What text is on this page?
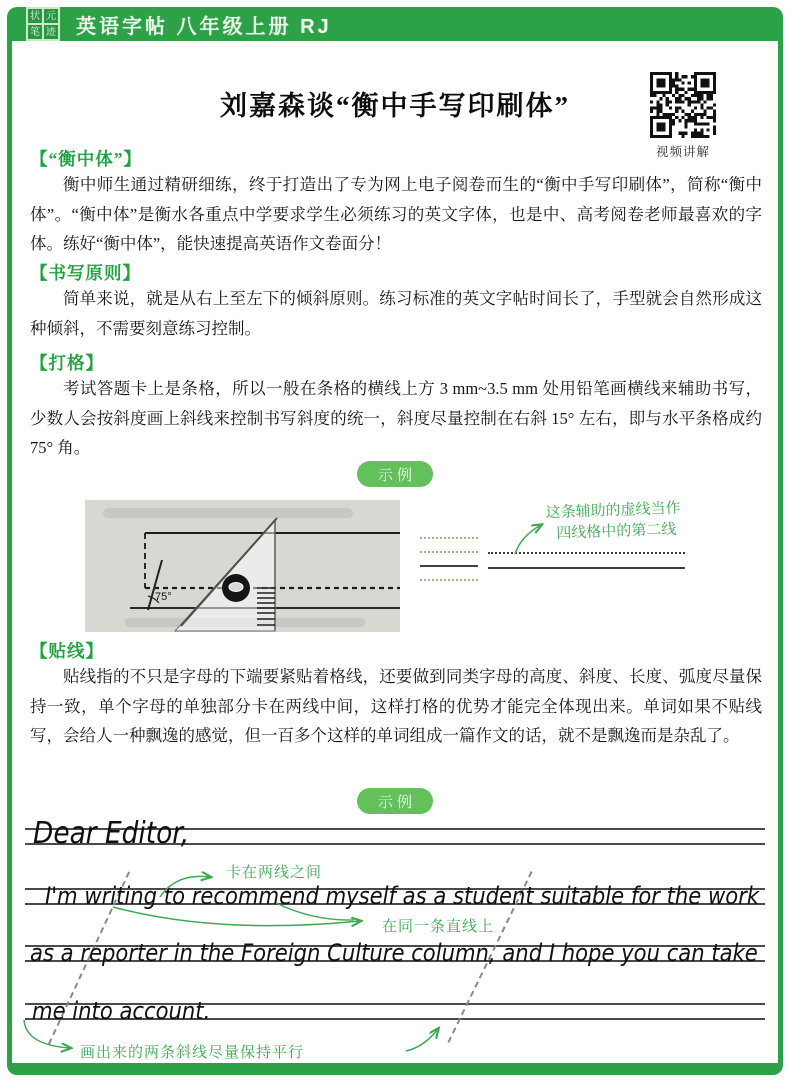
状 元
笔 迹 英语字帖 八年级上册 RJ
刘嘉森谈“衡中手写印刷体”
视频讲解
【“衡中体”】
衡中师生通过精研细练，终于打造出了专为网上电子阅卷而生的“衡中手写印刷体”，简称“衡中体”。“衡中体”是衡水各重点中学要求学生必须练习的英文字体，也是中、高考阅卷老师最喜欢的字体。练好“衡中体”，能快速提高英语作文卷面分！
【书写原则】
简单来说，就是从右上至左下的倾斜原则。练习标准的英文字帖时间长了，手型就会自然形成这种倾斜，不需要刻意练习控制。
【打格】
考试答题卡上是条格，所以一般在条格的横线上方 3 mm~3.5 mm 处用铅笔画横线来辅助书写，少数人会按斜度画上斜线来控制书写斜度的统一，斜度尽量控制在右斜 15° 左右，即与水平条格成约 75° 角。
示例
75°
这条辅助的虚线当作
四线格中的第二线
【贴线】
贴线指的不只是字母的下端要紧贴着格线，还要做到同类字母的高度、斜度、长度、弧度尽量保持一致，单个字母的单独部分卡在两线中间，这样打格的优势才能完全体现出来。单词如果不贴线写，会给人一种飘逸的感觉，但一百多个这样的单词组成一篇作文的话，就不是飘逸而是杂乱了。
示例
Dear Editor,
I'm writing to recommend myself as a student suitable for the work
as a reporter in the Foreign Culture column, and I hope you can take
me into account.
卡在两线之间
在同一条直线上
画出来的两条斜线尽量保持平行
